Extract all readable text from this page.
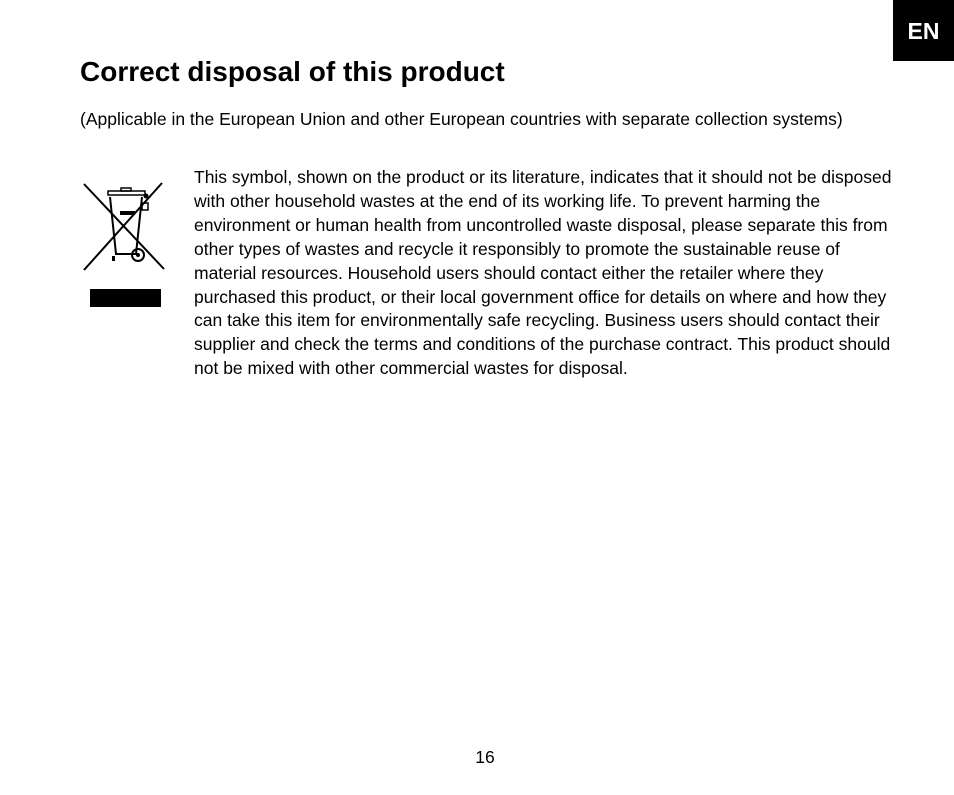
EN
Correct disposal of this product

(Applicable in the European Union and other European countries with separate collection systems)

This symbol, shown on the product or its literature, indicates that it should not be disposed with other household wastes at the end of its working life. To prevent harming the environment or human health from uncontrolled waste disposal, please separate this from other types of wastes and recycle it responsibly to promote the sustainable reuse of material resources. Household users should contact either the retailer where they purchased this product, or their local government office for details on where and how they can take this item for environmentally safe recycling. Business users should contact their supplier and check the terms and conditions of the purchase contract. This product should not be mixed with other commercial wastes for disposal.

16
